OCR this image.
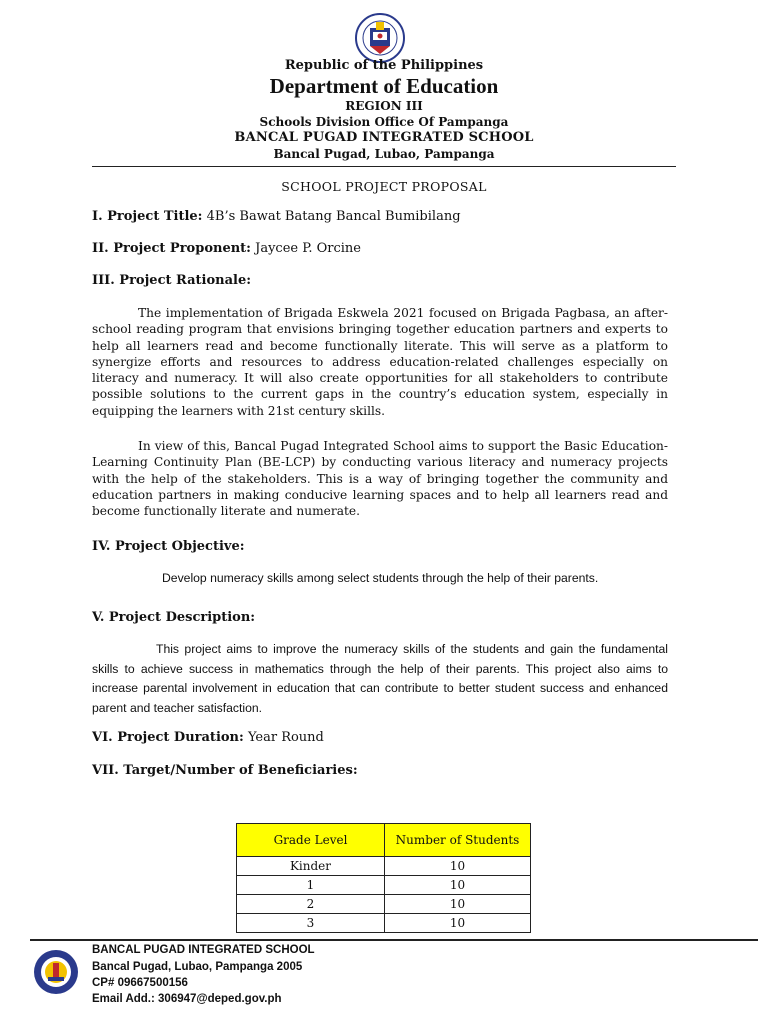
Republic of the Philippines
Department of Education
REGION III
Schools Division Office Of Pampanga
BANCAL PUGAD INTEGRATED SCHOOL
Bancal Pugad, Lubao, Pampanga
SCHOOL PROJECT PROPOSAL
I. Project Title: 4B’s Bawat Batang Bancal Bumibilang
II. Project Proponent: Jaycee P. Orcine
III. Project Rationale:
The implementation of Brigada Eskwela 2021 focused on Brigada Pagbasa, an after-school reading program that envisions bringing together education partners and experts to help all learners read and become functionally literate. This will serve as a platform to synergize efforts and resources to address education-related challenges especially on literacy and numeracy. It will also create opportunities for all stakeholders to contribute possible solutions to the current gaps in the country’s education system, especially in equipping the learners with 21st century skills.
In view of this, Bancal Pugad Integrated School aims to support the Basic Education-Learning Continuity Plan (BE-LCP) by conducting various literacy and numeracy projects with the help of the stakeholders. This is a way of bringing together the community and education partners in making conducive learning spaces and to help all learners read and become functionally literate and numerate.
IV. Project Objective:
Develop numeracy skills among select students through the help of their parents.
V. Project Description:
This project aims to improve the numeracy skills of the students and gain the fundamental skills to achieve success in mathematics through the help of their parents. This project also aims to increase parental involvement in education that can contribute to better student success and enhanced parent and teacher satisfaction.
VI. Project Duration: Year Round
VII. Target/Number of Beneficiaries:
Grade Level	Number of Students
Kinder	10
1	10
2	10
3	10
BANCAL PUGAD INTEGRATED SCHOOL
Bancal Pugad, Lubao, Pampanga 2005
CP# 09667500156
Email Add.: 306947@deped.gov.ph
